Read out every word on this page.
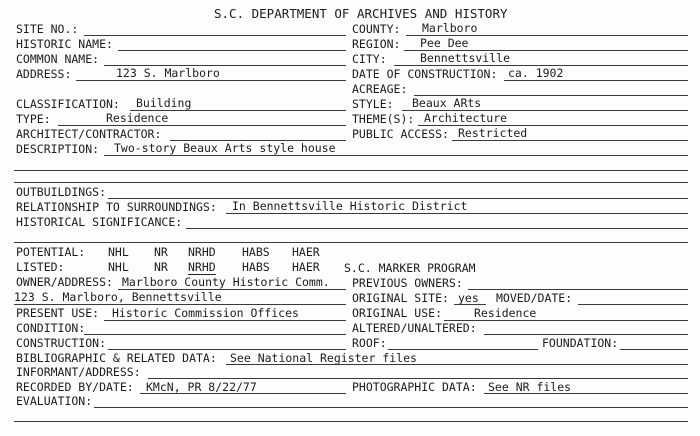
S.C. DEPARTMENT OF ARCHIVES AND HISTORY
SITE NO.:	COUNTY: Marlboro
HISTORIC NAME:	REGION: Pee Dee
COMMON NAME:	CITY:	Bennettsville
ADDRESS:	123 S. Marlboro	DATE OF CONSTRUCTION: ca. 1902
ACREAGE:
CLASSIFICATION: Building	STYLE: Beaux ARts
TYPE:	Residence	THEME(S): Architecture
ARCHITECT/CONTRACTOR:	PUBLIC ACCESS: Restricted
DESCRIPTION: Two-story Beaux Arts style house
OUTBUILDINGS:
RELATIONSHIP TO SURROUNDINGS: In Bennettsville Historic District
HISTORICAL SIGNIFICANCE:
POTENTIAL: NHL NR NRHD HABS HAER
LISTED:	NHL NR NRHD HABS HAER S.C. MARKER PROGRAM
OWNER/ADDRESS: Marlboro County Historic Comm. PREVIOUS OWNERS:
123 S. Marlboro, Bennettsville	ORIGINAL SITE: yes MOVED/DATE:
PRESENT USE: Historic Commission Offices	ORIGINAL USE:	Residence
CONDITION:	ALTERED/UNALTERED:
CONSTRUCTION:	ROOF:	FOUNDATION:
BIBLIOGRAPHIC & RELATED DATA: See National Register files
INFORMANT/ADDRESS:
RECORDED BY/DATE: KMcN, PR 8/22/77	PHOTOGRAPHIC DATA: See NR files
EVALUATION:
